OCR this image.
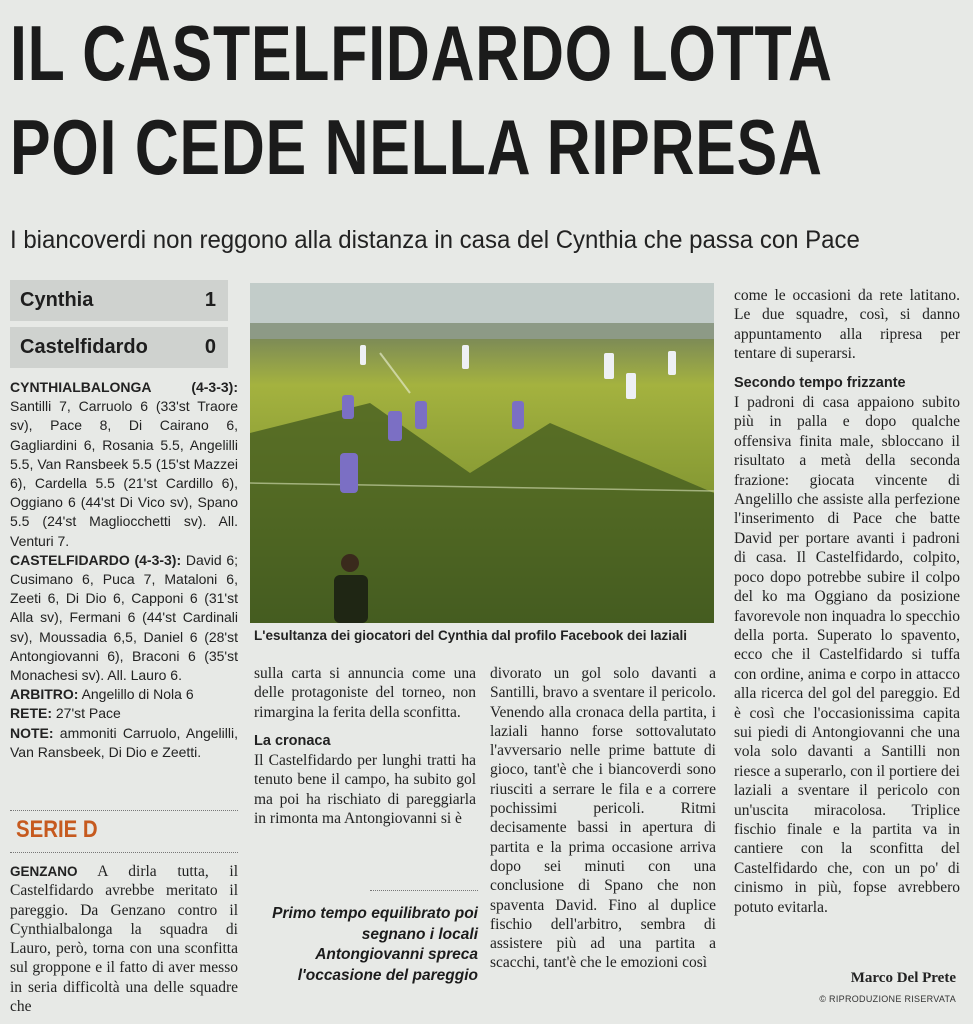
IL CASTELFIDARDO LOTTA
POI CEDE NELLA RIPRESA
I biancoverdi non reggono alla distanza in casa del Cynthia che passa con Pace
Cynthia	1
Castelfidardo	0

CYNTHIALBALONGA (4-3-3): Santilli 7, Carruolo 6 (33'st Traore sv), Pace 8, Di Cairano 6, Gagliardini 6, Rosania 5.5, Angelilli 5.5, Van Ransbeek 5.5 (15'st Mazzei 6), Cardella 5.5 (21'st Cardillo 6), Oggiano 6 (44'st Di Vico sv), Spano 5.5 (24'st Magliocchetti sv). All. Venturi 7.

CASTELFIDARDO (4-3-3): David 6; Cusimano 6, Puca 7, Mataloni 6, Zeeti 6, Di Dio 6, Capponi 6 (31'st Alla sv), Fermani 6 (44'st Cardinali sv), Moussadia 6,5, Daniel 6 (28'st Antongiovanni 6), Braconi 6 (35'st Monachesi sv). All. Lauro 6.

ARBITRO: Angelillo di Nola 6

RETE: 27'st Pace

NOTE: ammoniti Carruolo, Angelilli, Van Ransbeek, Di Dio e Zeetti.

SERIE D
GENZANO A dirla tutta, il Castelfidardo avrebbe meritato il pareggio. Da Genzano contro il Cynthialbalonga la squadra di Lauro, però, torna con una sconfitta sul groppone e il fatto di aver messo in seria difficoltà una delle squadre che
L'esultanza dei giocatori del Cynthia dal profilo Facebook dei laziali
sulla carta si annuncia come una delle protagoniste del torneo, non rimargina la ferita della sconfitta.
La cronaca
Il Castelfidardo per lunghi tratti ha tenuto bene il campo, ha subito gol ma poi ha rischiato di pareggiarla in rimonta ma Antongiovanni si è
Primo tempo equilibrato poi segnano i locali Antongiovanni spreca l'occasione del pareggio
divorato un gol solo davanti a Santilli, bravo a sventare il pericolo. Venendo alla cronaca della partita, i laziali hanno forse sottovalutato l'avversario nelle prime battute di gioco, tant'è che i biancoverdi sono riusciti a serrare le fila e a correre pochissimi pericoli. Ritmi decisamente bassi in apertura di partita e la prima occasione arriva dopo sei minuti con una conclusione di Spano che non spaventa David. Fino al duplice fischio dell'arbitro, sembra di assistere più ad una partita a scacchi, tant'è che le emozioni così
come le occasioni da rete latitano. Le due squadre, così, si danno appuntamento alla ripresa per tentare di superarsi.
Secondo tempo frizzante
I padroni di casa appaiono subito più in palla e dopo qualche offensiva finita male, sbloccano il risultato a metà della seconda frazione: giocata vincente di Angelillo che assiste alla perfezione l'inserimento di Pace che batte David per portare avanti i padroni di casa. Il Castelfidardo, colpito, poco dopo potrebbe subire il colpo del ko ma Oggiano da posizione favorevole non inquadra lo specchio della porta. Superato lo spavento, ecco che il Castelfidardo si tuffa con ordine, anima e corpo in attacco alla ricerca del gol del pareggio. Ed è così che l'occasionissima capita sui piedi di Antongiovanni che una vola solo davanti a Santilli non riesce a superarlo, con il portiere dei laziali a sventare il pericolo con un'uscita miracolosa. Triplice fischio finale e la partita va in cantiere con la sconfitta del Castelfidardo che, con un po' di cinismo in più, fopse avrebbero potuto evitarla.
Marco Del Prete
© RIPRODUZIONE RISERVATA
